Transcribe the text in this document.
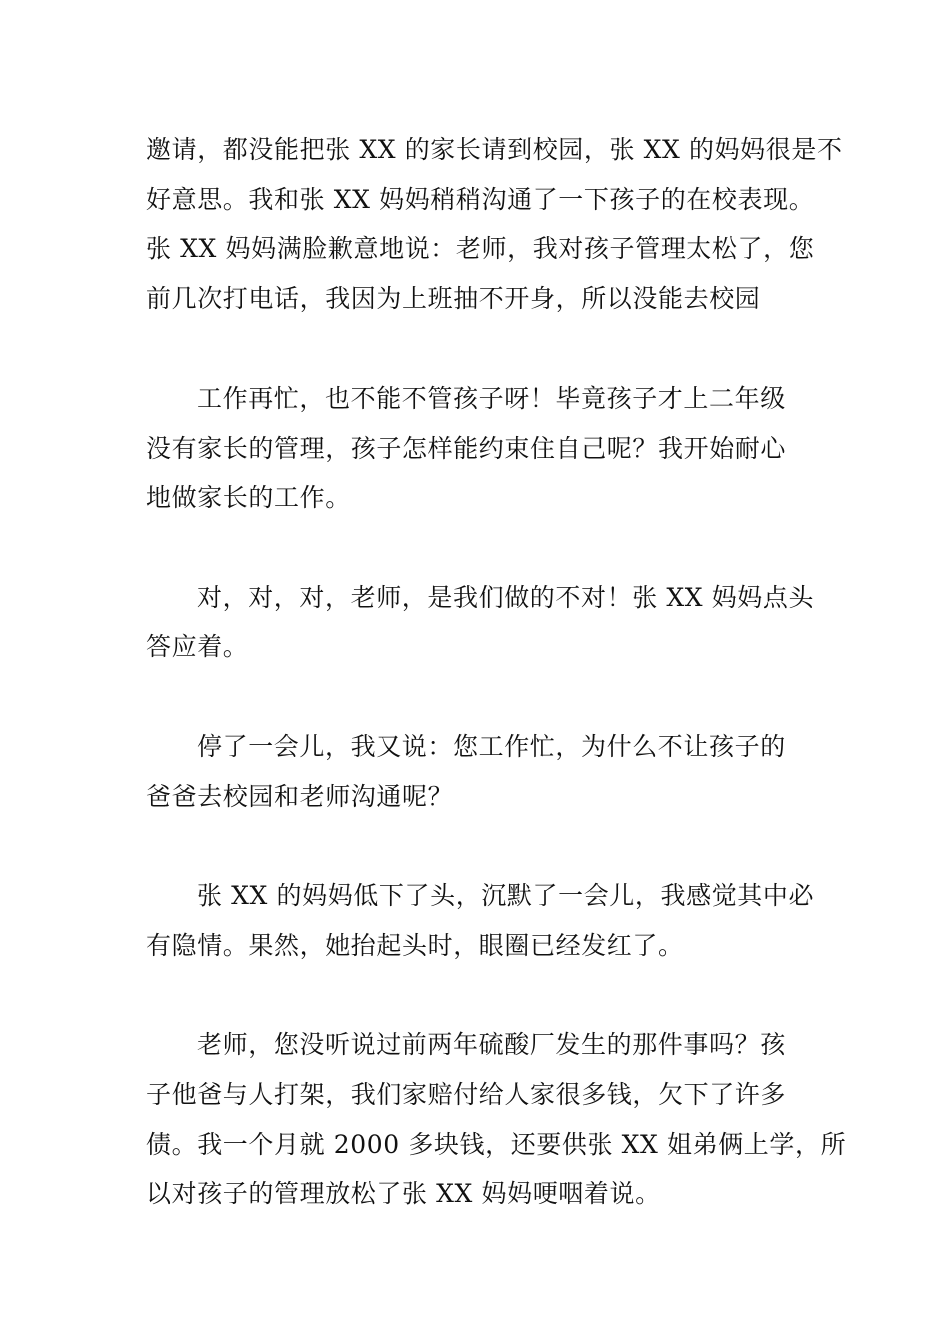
邀请，都没能把张 XX 的家长请到校园，张 XX 的妈妈很是不
好意思。我和张 XX 妈妈稍稍沟通了一下孩子的在校表现。
张 XX 妈妈满脸歉意地说：老师，我对孩子管理太松了，您
前几次打电话，我因为上班抽不开身，所以没能去校园
工作再忙，也不能不管孩子呀！毕竟孩子才上二年级
没有家长的管理，孩子怎样能约束住自己呢？我开始耐心
地做家长的工作。
对，对，对，老师，是我们做的不对！张 XX 妈妈点头
答应着。
停了一会儿，我又说：您工作忙，为什么不让孩子的
爸爸去校园和老师沟通呢？
张 XX 的妈妈低下了头，沉默了一会儿，我感觉其中必
有隐情。果然，她抬起头时，眼圈已经发红了。
老师，您没听说过前两年硫酸厂发生的那件事吗？孩
子他爸与人打架，我们家赔付给人家很多钱，欠下了许多
债。我一个月就 2000 多块钱，还要供张 XX 姐弟俩上学，所
以对孩子的管理放松了张 XX 妈妈哽咽着说。
